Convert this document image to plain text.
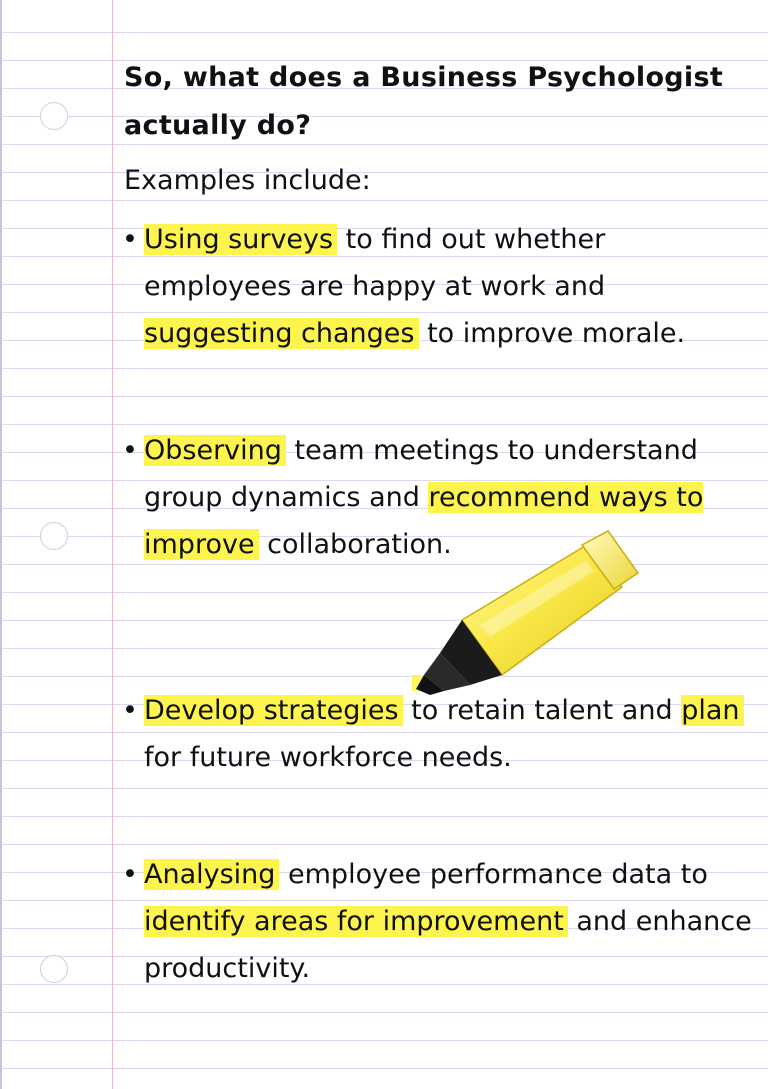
So, what does a Business Psychologist actually do?

Examples include:

• Using surveys to find out whether employees are happy at work and suggesting changes to improve morale.

• Observing team meetings to understand group dynamics and recommend ways to improve collaboration.

• Develop strategies to retain talent and plan for future workforce needs.

• Analysing employee performance data to identify areas for improvement and enhance productivity.
